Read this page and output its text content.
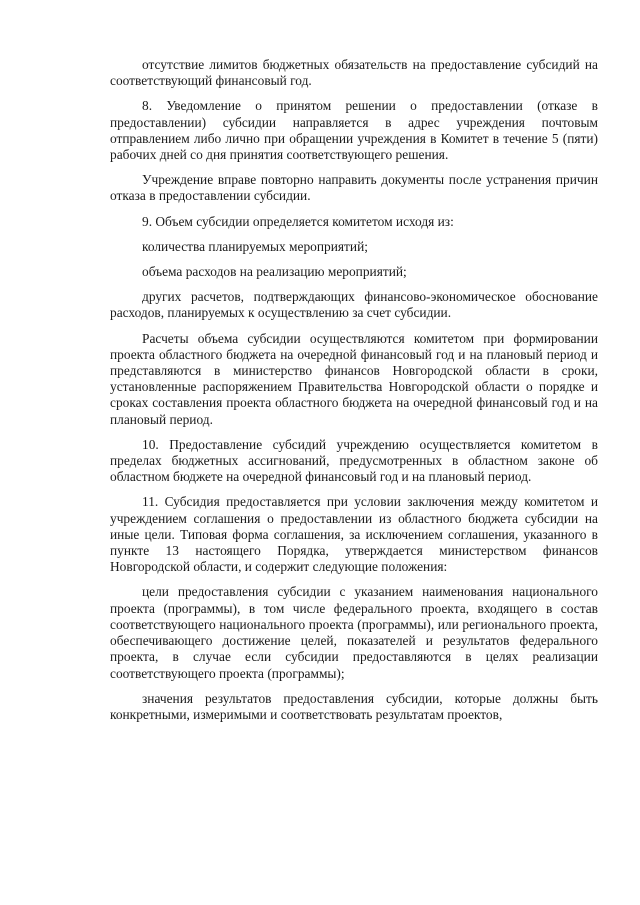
отсутствие лимитов бюджетных обязательств на предоставление субсидий на соответствующий финансовый год.

8. Уведомление о принятом решении о предоставлении (отказе в предоставлении) субсидии направляется в адрес учреждения почтовым отправлением либо лично при обращении учреждения в Комитет в течение 5 (пяти) рабочих дней со дня принятия соответствующего решения.

Учреждение вправе повторно направить документы после устранения причин отказа в предоставлении субсидии.

9. Объем субсидии определяется комитетом исходя из:

количества планируемых мероприятий;

объема расходов на реализацию мероприятий;

других расчетов, подтверждающих финансово-экономическое обоснование расходов, планируемых к осуществлению за счет субсидии.

Расчеты объема субсидии осуществляются комитетом при формировании проекта областного бюджета на очередной финансовый год и на плановый период и представляются в министерство финансов Новгородской области в сроки, установленные распоряжением Правительства Новгородской области о порядке и сроках составления проекта областного бюджета на очередной финансовый год и на плановый период.

10. Предоставление субсидий учреждению осуществляется комитетом в пределах бюджетных ассигнований, предусмотренных в областном законе об областном бюджете на очередной финансовый год и на плановый период.

11. Субсидия предоставляется при условии заключения между комитетом и учреждением соглашения о предоставлении из областного бюджета субсидии на иные цели. Типовая форма соглашения, за исключением соглашения, указанного в пункте 13 настоящего Порядка, утверждается министерством финансов Новгородской области, и содержит следующие положения:

цели предоставления субсидии с указанием наименования национального проекта (программы), в том числе федерального проекта, входящего в состав соответствующего национального проекта (программы), или регионального проекта, обеспечивающего достижение целей, показателей и результатов федерального проекта, в случае если субсидии предоставляются в целях реализации соответствующего проекта (программы);

значения результатов предоставления субсидии, которые должны быть конкретными, измеримыми и соответствовать результатам проектов,
